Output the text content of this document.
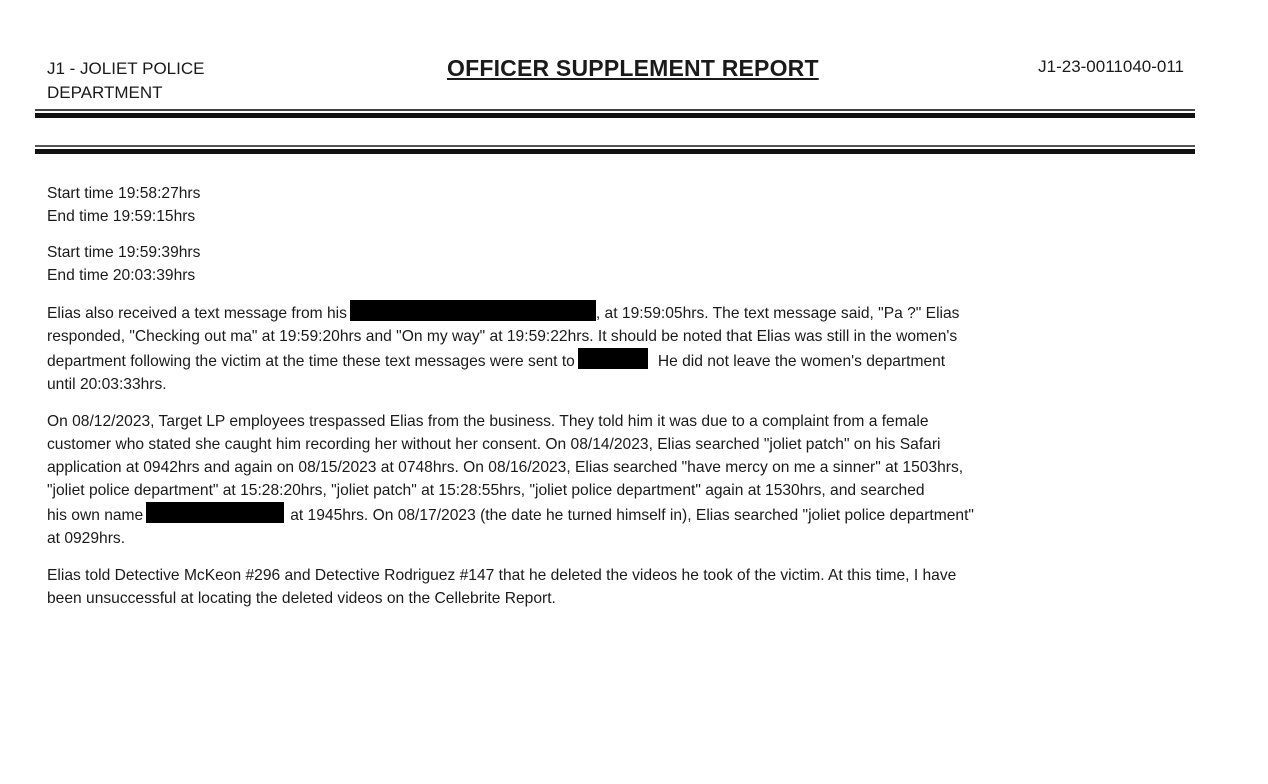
J1 - JOLIET POLICE
DEPARTMENT
OFFICER SUPPLEMENT REPORT	J1-23-0011040-011

Start time 19:58:27hrs
End time 19:59:15hrs

Start time 19:59:39hrs
End time 20:03:39hrs

Elias also received a text message from his	, at 19:59:05hrs. The text message said, "Pa ?" Elias
responded, "Checking out ma" at 19:59:20hrs and "On my way" at 19:59:22hrs. It should be noted that Elias was still in the women's
department following the victim at the time these text messages were sent to	He did not leave the women's department
until 20:03:33hrs.

On 08/12/2023, Target LP employees trespassed Elias from the business. They told him it was due to a complaint from a female
customer who stated she caught him recording her without her consent. On 08/14/2023, Elias searched "joliet patch" on his Safari
application at 0942hrs and again on 08/15/2023 at 0748hrs. On 08/16/2023, Elias searched "have mercy on me a sinner" at 1503hrs,
"joliet police department" at 15:28:20hrs, "joliet patch" at 15:28:55hrs, "joliet police department" again at 1530hrs, and searched
his own name	at 1945hrs. On 08/17/2023 (the date he turned himself in), Elias searched "joliet police department"
at 0929hrs.

Elias told Detective McKeon #296 and Detective Rodriguez #147 that he deleted the videos he took of the victim. At this time, I have
been unsuccessful at locating the deleted videos on the Cellebrite Report.
